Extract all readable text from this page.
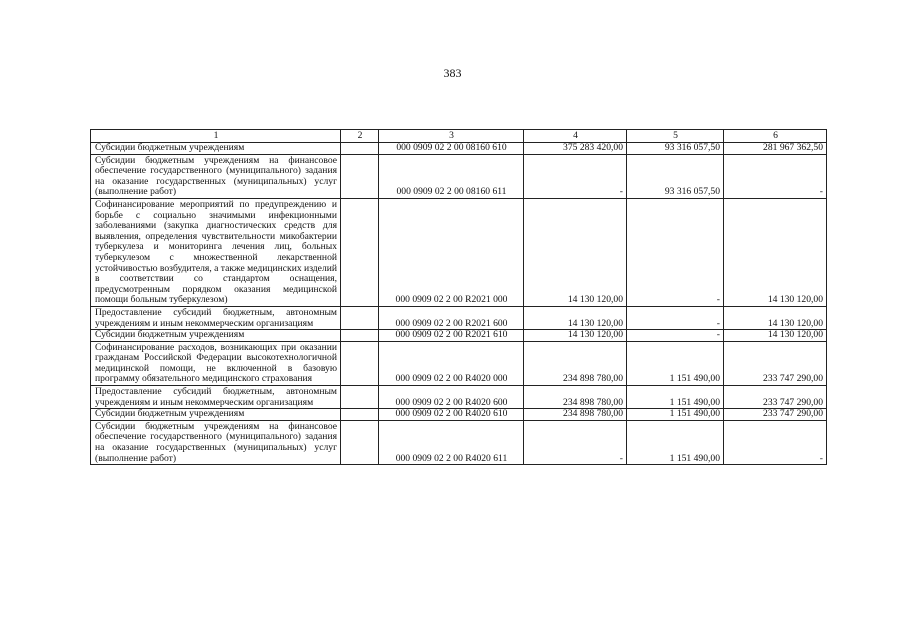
383
1	2	3	4	5	6
Субсидии бюджетным учреждениям		000 0909 02 2 00 08160 610	375 283 420,00	93 316 057,50	281 967 362,50
Субсидии бюджетным учреждениям на финансовое обеспечение государственного (муниципального) задания на оказание государственных (муниципальных) услуг (выполнение работ)		000 0909 02 2 00 08160 611	-	93 316 057,50	-
Софинансирование мероприятий по предупреждению и борьбе с социально значимыми инфекционными заболеваниями (закупка диагностических средств для выявления, определения чувствительности микобактерии туберкулеза и мониторинга лечения лиц, больных туберкулезом с множественной лекарственной устойчивостью возбудителя, а также медицинских изделий в соответствии со стандартом оснащения, предусмотренным порядком оказания медицинской помощи больным туберкулезом)		000 0909 02 2 00 R2021 000	14 130 120,00	-	14 130 120,00
Предоставление субсидий бюджетным, автономным учреждениям и иным некоммерческим организациям		000 0909 02 2 00 R2021 600	14 130 120,00	-	14 130 120,00
Субсидии бюджетным учреждениям		000 0909 02 2 00 R2021 610	14 130 120,00	-	14 130 120,00
Софинансирование расходов, возникающих при оказании гражданам Российской Федерации высокотехнологичной медицинской помощи, не включенной в базовую программу обязательного медицинского страхования		000 0909 02 2 00 R4020 000	234 898 780,00	1 151 490,00	233 747 290,00
Предоставление субсидий бюджетным, автономным учреждениям и иным некоммерческим организациям		000 0909 02 2 00 R4020 600	234 898 780,00	1 151 490,00	233 747 290,00
Субсидии бюджетным учреждениям		000 0909 02 2 00 R4020 610	234 898 780,00	1 151 490,00	233 747 290,00
Субсидии бюджетным учреждениям на финансовое обеспечение государственного (муниципального) задания на оказание государственных (муниципальных) услуг (выполнение работ)		000 0909 02 2 00 R4020 611	-	1 151 490,00	-
